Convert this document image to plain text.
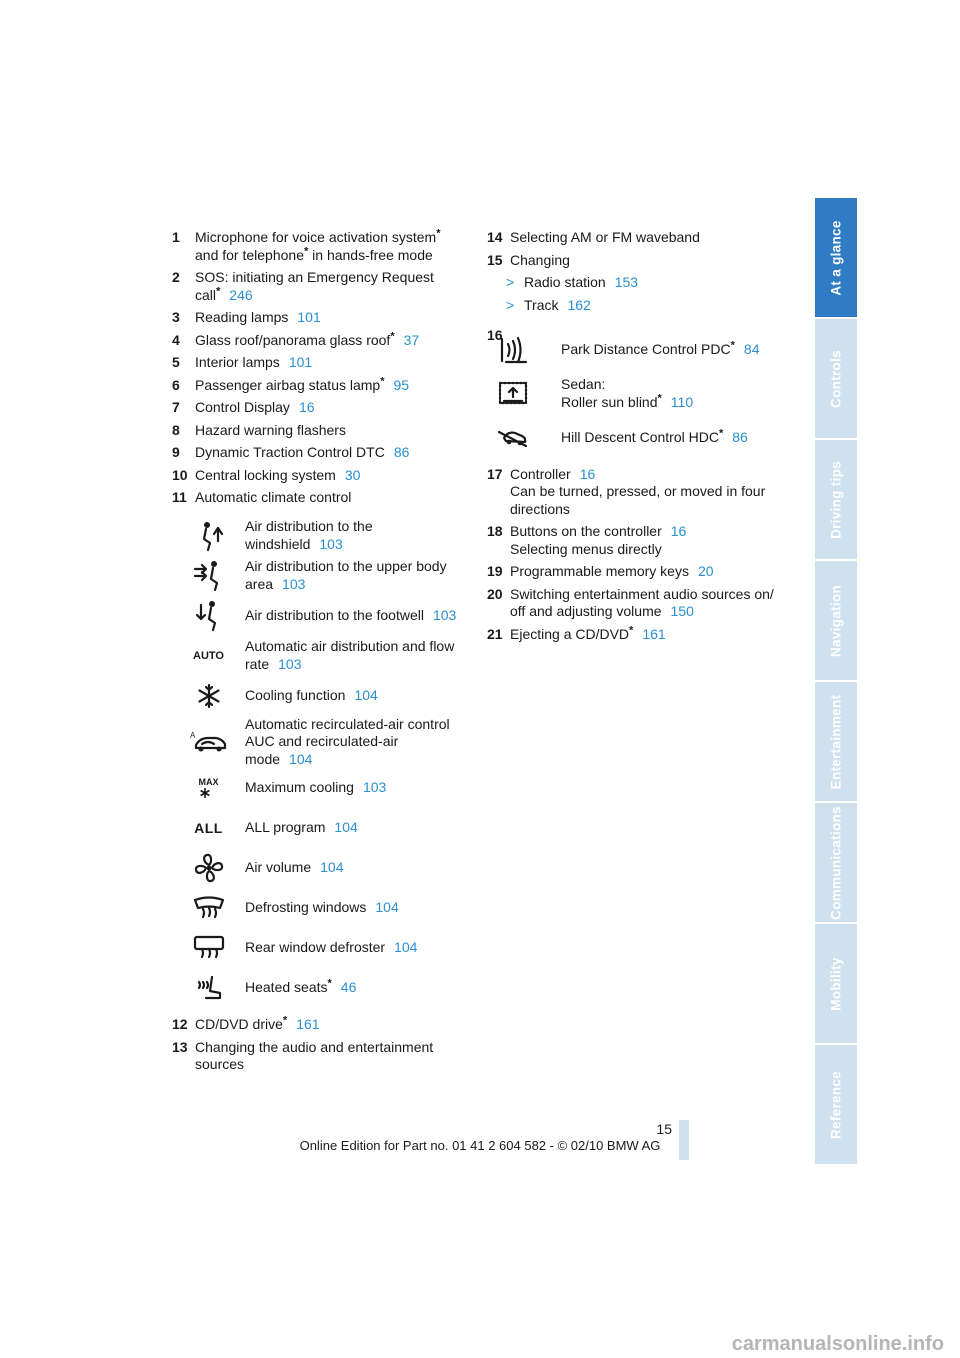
1	Microphone for voice activation system*
and for telephone* in hands-free mode
2	SOS: initiating an Emergency Request
call* 246
3	Reading lamps 101
4	Glass roof/panorama glass roof* 37
5	Interior lamps 101
6	Passenger airbag status lamp* 95
7	Control Display 16
8	Hazard warning flashers
9	Dynamic Traction Control DTC 86
10 Central locking system 30
11 Automatic climate control
Air distribution to the
windshield 103
Air distribution to the upper body
area 103
Air distribution to the footwell 103
AUTO
Automatic air distribution and flow
rate 103
Cooling function 104
A
Automatic recirculated-air control
AUC and recirculated-air
mode 104
MAX Maximum cooling 103
ALL ALL program 104
Air volume 104
Defrosting windows 104
Rear window defroster 104
Heated seats* 46
12 CD/DVD drive* 161
13 Changing the audio and entertainment
sources
14 Selecting AM or FM waveband
15 Changing
> Radio station 153
> Track 162
16
Park Distance Control PDC* 84
Sedan:
Roller sun blind* 110
Hill Descent Control HDC* 86
17 Controller 16
Can be turned, pressed, or moved in four
directions
18 Buttons on the controller 16
Selecting menus directly
19 Programmable memory keys 20
20 Switching entertainment audio sources on/
off and adjusting volume 150
21 Ejecting a CD/DVD* 161
At a glance
Controls
Driving tips
Navigation
Entertainment
Communications
Mobility
Reference
15
Online Edition for Part no. 01 41 2 604 582 - © 02/10 BMW AG
carmanualsonline.info
